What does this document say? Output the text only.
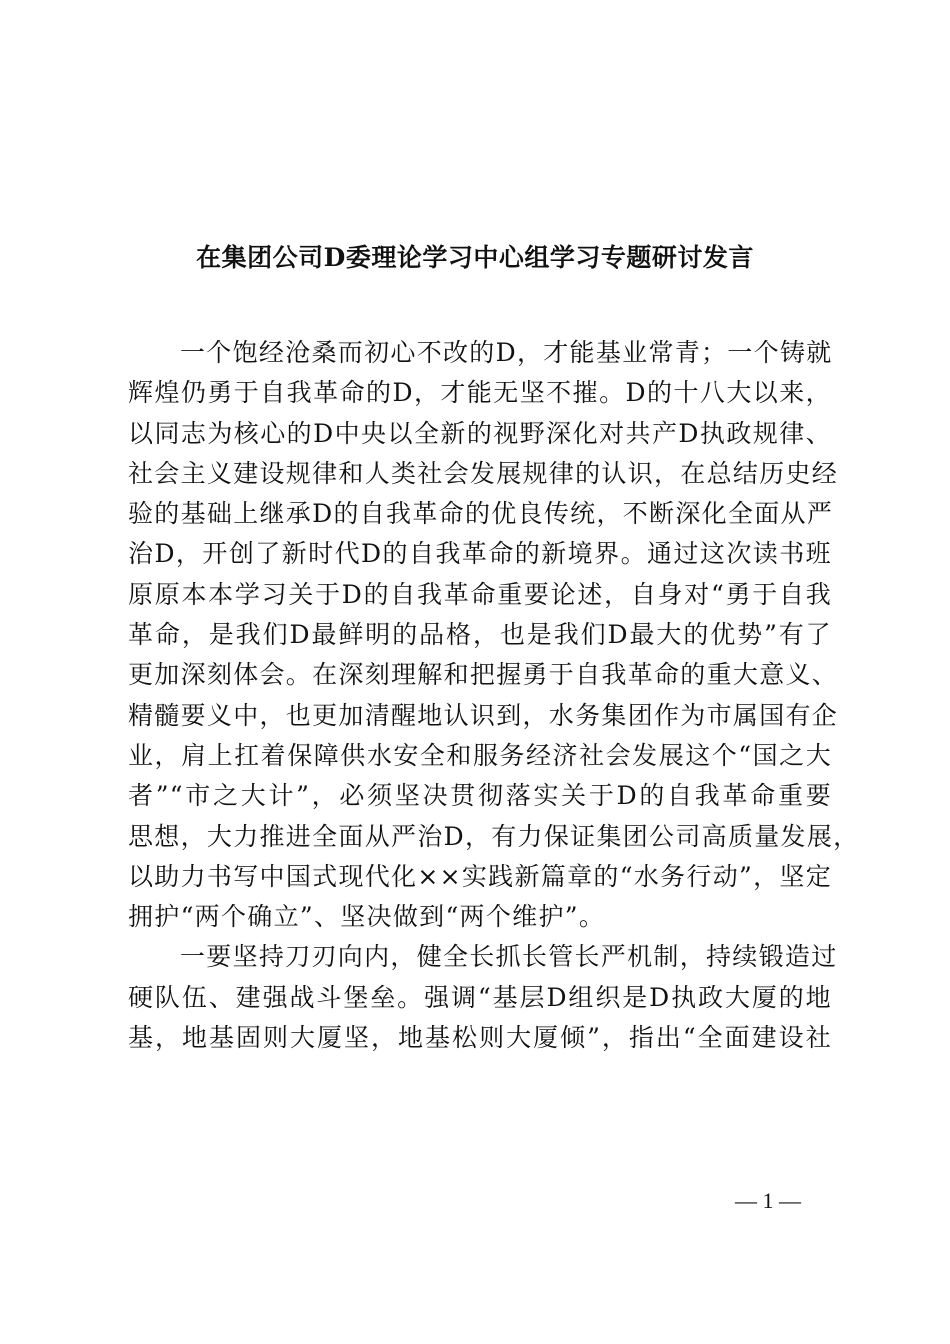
在集团公司D委理论学习中心组学习专题研讨发言
一个饱经沧桑而初心不改的D，才能基业常青；一个铸就
辉煌仍勇于自我革命的D，才能无坚不摧。D的十八大以来，
以同志为核心的D中央以全新的视野深化对共产D执政规律、
社会主义建设规律和人类社会发展规律的认识，在总结历史经
验的基础上继承D的自我革命的优良传统，不断深化全面从严
治D，开创了新时代D的自我革命的新境界。通过这次读书班
原原本本学习关于D的自我革命重要论述，自身对“勇于自我
革命，是我们D最鲜明的品格，也是我们D最大的优势”有了
更加深刻体会。在深刻理解和把握勇于自我革命的重大意义、
精髓要义中，也更加清醒地认识到，水务集团作为市属国有企
业，肩上扛着保障供水安全和服务经济社会发展这个“国之大
者”“市之大计”，必须坚决贯彻落实关于D的自我革命重要
思想，大力推进全面从严治D，有力保证集团公司高质量发展，
以助力书写中国式现代化××实践新篇章的“水务行动”，坚定
拥护“两个确立”、坚决做到“两个维护”。
一要坚持刀刃向内，健全长抓长管长严机制，持续锻造过
硬队伍、建强战斗堡垒。强调“基层D组织是D执政大厦的地
基，地基固则大厦坚，地基松则大厦倾”，指出“全面建设社
— 1 —
